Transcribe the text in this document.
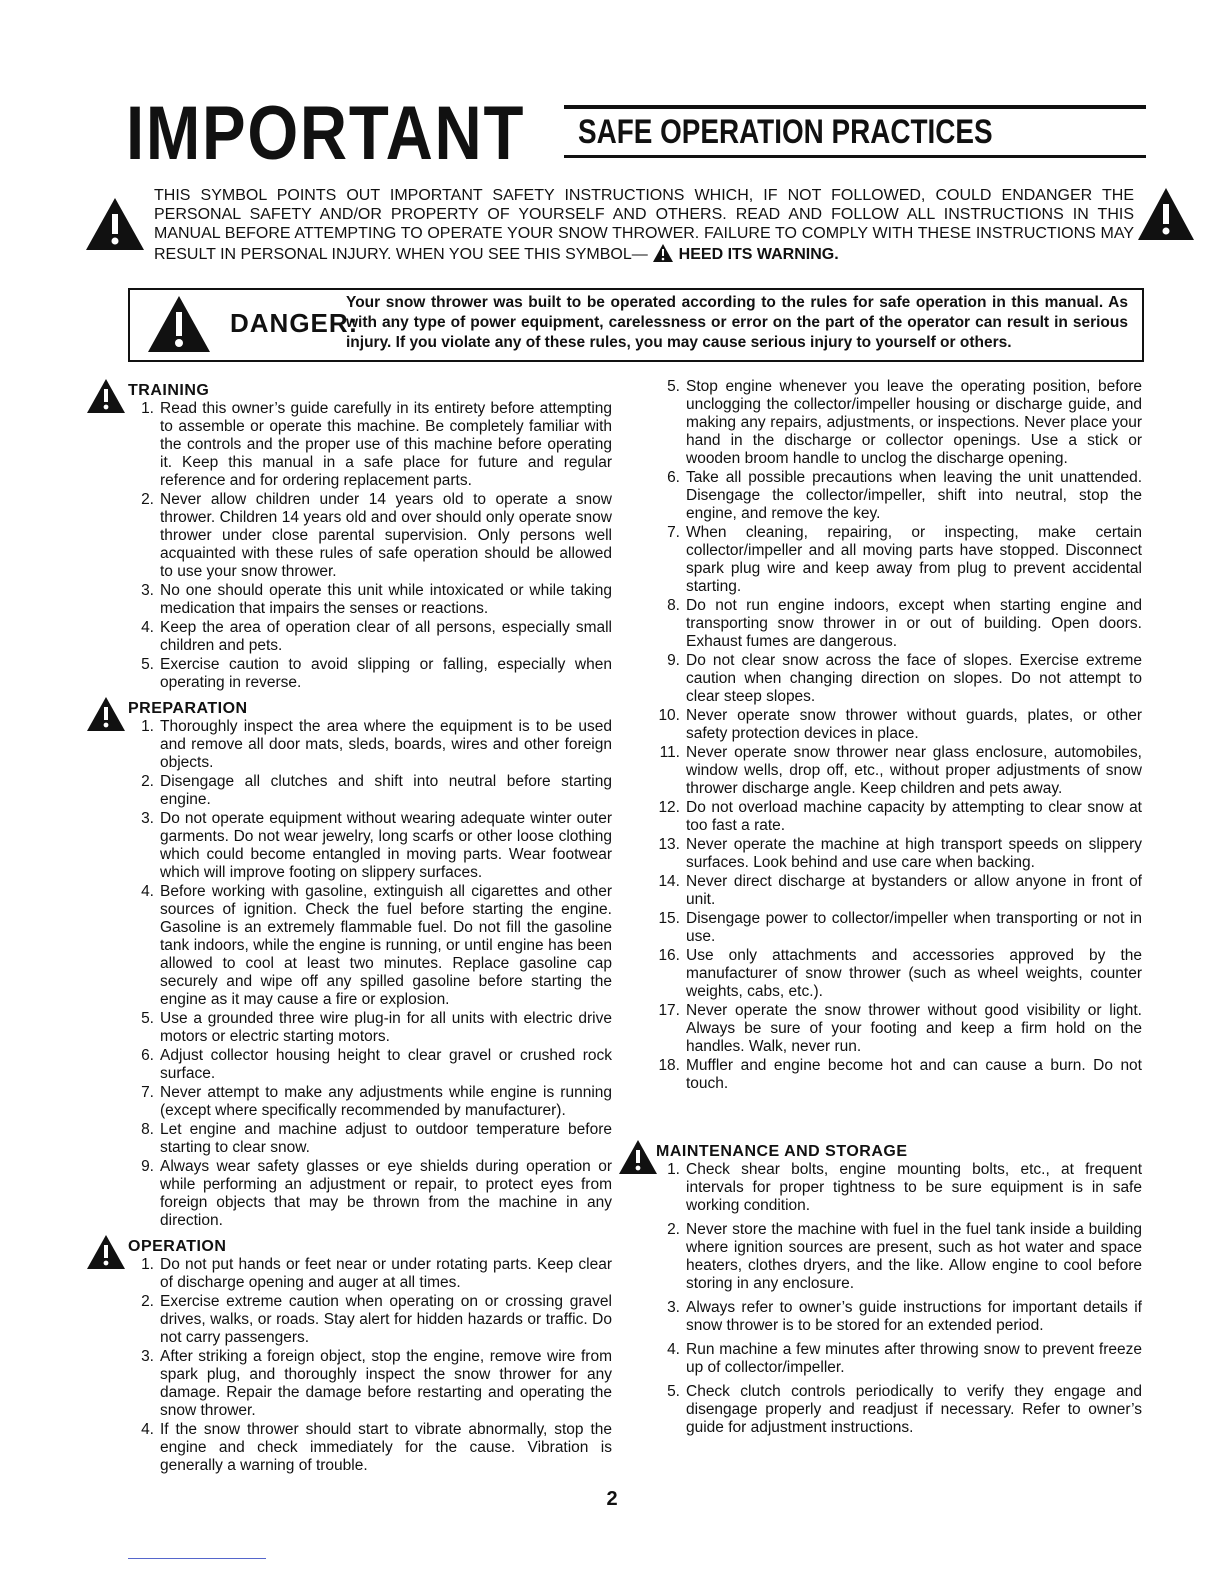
IMPORTANT SAFE OPERATION PRACTICES
THIS SYMBOL POINTS OUT IMPORTANT SAFETY INSTRUCTIONS WHICH, IF NOT FOLLOWED, COULD ENDANGER THE PERSONAL SAFETY AND/OR PROPERTY OF YOURSELF AND OTHERS. READ AND FOLLOW ALL INSTRUCTIONS IN THIS MANUAL BEFORE ATTEMPTING TO OPERATE YOUR SNOW THROWER. FAILURE TO COMPLY WITH THESE INSTRUCTIONS MAY RESULT IN PERSONAL INJURY. WHEN YOU SEE THIS SYMBOL— HEED ITS WARNING.
DANGER:
Your snow thrower was built to be operated according to the rules for safe operation in this manual. As with any type of power equipment, carelessness or error on the part of the operator can result in serious injury. If you violate any of these rules, you may cause serious injury to yourself or others.
TRAINING
1. Read this owner’s guide carefully in its entirety before attempting to assemble or operate this machine. Be completely familiar with the controls and the proper use of this machine before operating it. Keep this manual in a safe place for future and regular reference and for ordering replacement parts.
2. Never allow children under 14 years old to operate a snow thrower. Children 14 years old and over should only operate snow thrower under close parental supervision. Only persons well acquainted with these rules of safe operation should be allowed to use your snow thrower.
3. No one should operate this unit while intoxicated or while taking medication that impairs the senses or reactions.
4. Keep the area of operation clear of all persons, especially small children and pets.
5. Exercise caution to avoid slipping or falling, especially when operating in reverse.
PREPARATION
1. Thoroughly inspect the area where the equipment is to be used and remove all door mats, sleds, boards, wires and other foreign objects.
2. Disengage all clutches and shift into neutral before starting engine.
3. Do not operate equipment without wearing adequate winter outer garments. Do not wear jewelry, long scarfs or other loose clothing which could become entangled in moving parts. Wear footwear which will improve footing on slippery surfaces.
4. Before working with gasoline, extinguish all cigarettes and other sources of ignition. Check the fuel before starting the engine. Gasoline is an extremely flammable fuel. Do not fill the gasoline tank indoors, while the engine is running, or until engine has been allowed to cool at least two minutes. Replace gasoline cap securely and wipe off any spilled gasoline before starting the engine as it may cause a fire or explosion.
5. Use a grounded three wire plug-in for all units with electric drive motors or electric starting motors.
6. Adjust collector housing height to clear gravel or crushed rock surface.
7. Never attempt to make any adjustments while engine is running (except where specifically recommended by manufacturer).
8. Let engine and machine adjust to outdoor temperature before starting to clear snow.
9. Always wear safety glasses or eye shields during operation or while performing an adjustment or repair, to protect eyes from foreign objects that may be thrown from the machine in any direction.
OPERATION
1. Do not put hands or feet near or under rotating parts. Keep clear of discharge opening and auger at all times.
2. Exercise extreme caution when operating on or crossing gravel drives, walks, or roads. Stay alert for hidden hazards or traffic. Do not carry passengers.
3. After striking a foreign object, stop the engine, remove wire from spark plug, and thoroughly inspect the snow thrower for any damage. Repair the damage before restarting and operating the snow thrower.
4. If the snow thrower should start to vibrate abnormally, stop the engine and check immediately for the cause. Vibration is generally a warning of trouble.
5. Stop engine whenever you leave the operating position, before unclogging the collector/impeller housing or discharge guide, and making any repairs, adjustments, or inspections. Never place your hand in the discharge or collector openings. Use a stick or wooden broom handle to unclog the discharge opening.
6. Take all possible precautions when leaving the unit unattended. Disengage the collector/impeller, shift into neutral, stop the engine, and remove the key.
7. When cleaning, repairing, or inspecting, make certain collector/impeller and all moving parts have stopped. Disconnect spark plug wire and keep away from plug to prevent accidental starting.
8. Do not run engine indoors, except when starting engine and transporting snow thrower in or out of building. Open doors. Exhaust fumes are dangerous.
9. Do not clear snow across the face of slopes. Exercise extreme caution when changing direction on slopes. Do not attempt to clear steep slopes.
10. Never operate snow thrower without guards, plates, or other safety protection devices in place.
11. Never operate snow thrower near glass enclosure, automobiles, window wells, drop off, etc., without proper adjustments of snow thrower discharge angle. Keep children and pets away.
12. Do not overload machine capacity by attempting to clear snow at too fast a rate.
13. Never operate the machine at high transport speeds on slippery surfaces. Look behind and use care when backing.
14. Never direct discharge at bystanders or allow anyone in front of unit.
15. Disengage power to collector/impeller when transporting or not in use.
16. Use only attachments and accessories approved by the manufacturer of snow thrower (such as wheel weights, counter weights, cabs, etc.).
17. Never operate the snow thrower without good visibility or light. Always be sure of your footing and keep a firm hold on the handles. Walk, never run.
18. Muffler and engine become hot and can cause a burn. Do not touch.
MAINTENANCE AND STORAGE
1. Check shear bolts, engine mounting bolts, etc., at frequent intervals for proper tightness to be sure equipment is in safe working condition.
2. Never store the machine with fuel in the fuel tank inside a building where ignition sources are present, such as hot water and space heaters, clothes dryers, and the like. Allow engine to cool before storing in any enclosure.
3. Always refer to owner’s guide instructions for important details if snow thrower is to be stored for an extended period.
4. Run machine a few minutes after throwing snow to prevent freeze up of collector/impeller.
5. Check clutch controls periodically to verify they engage and disengage properly and readjust if necessary. Refer to owner’s guide for adjustment instructions.
2
